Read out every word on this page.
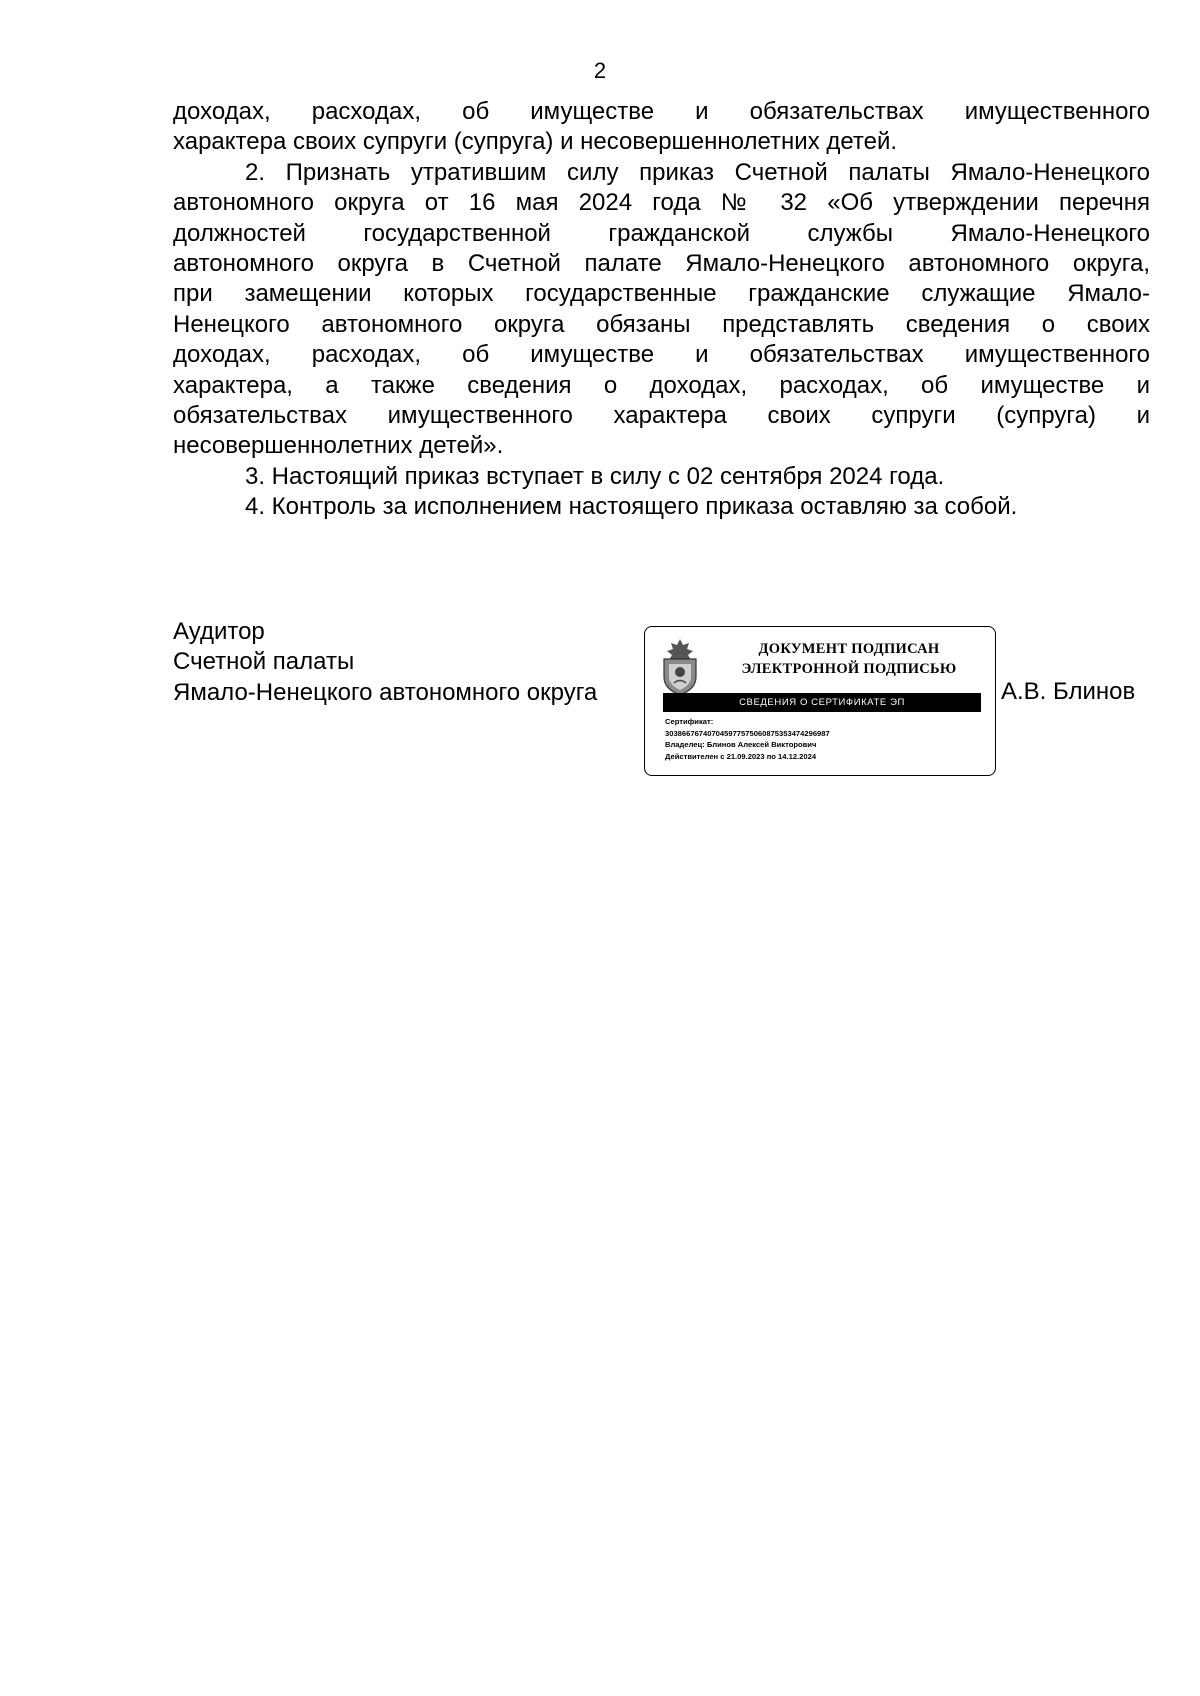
2

доходах, расходах, об имуществе и обязательствах имущественного
характера своих супруги (супруга) и несовершеннолетних детей.

2. Признать утратившим силу приказ Счетной палаты Ямало-Ненецкого
автономного округа от 16 мая 2024 года № 32 «Об утверждении перечня
должностей государственной гражданской службы Ямало-Ненецкого
автономного округа в Счетной палате Ямало-Ненецкого автономного округа,
при замещении которых государственные гражданские служащие Ямало-
Ненецкого автономного округа обязаны представлять сведения о своих
доходах, расходах, об имуществе и обязательствах имущественного
характера, а также сведения о доходах, расходах, об имуществе и
обязательствах имущественного характера своих супруги (супруга) и
несовершеннолетних детей».

3. Настоящий приказ вступает в силу с 02 сентября 2024 года.

4. Контроль за исполнением настоящего приказа оставляю за собой.

Аудитор
Счетной палаты
Ямало-Ненецкого автономного округа	А.В. Блинов
ДОКУМЕНТ ПОДПИСАН
ЭЛЕКТРОННОЙ ПОДПИСЬЮ
СВЕДЕНИЯ О СЕРТИФИКАТЕ ЭП
Сертификат:
303866767407045977575060875353474296987
Владелец: Блинов Алексей Викторович
Действителен с 21.09.2023 по 14.12.2024
